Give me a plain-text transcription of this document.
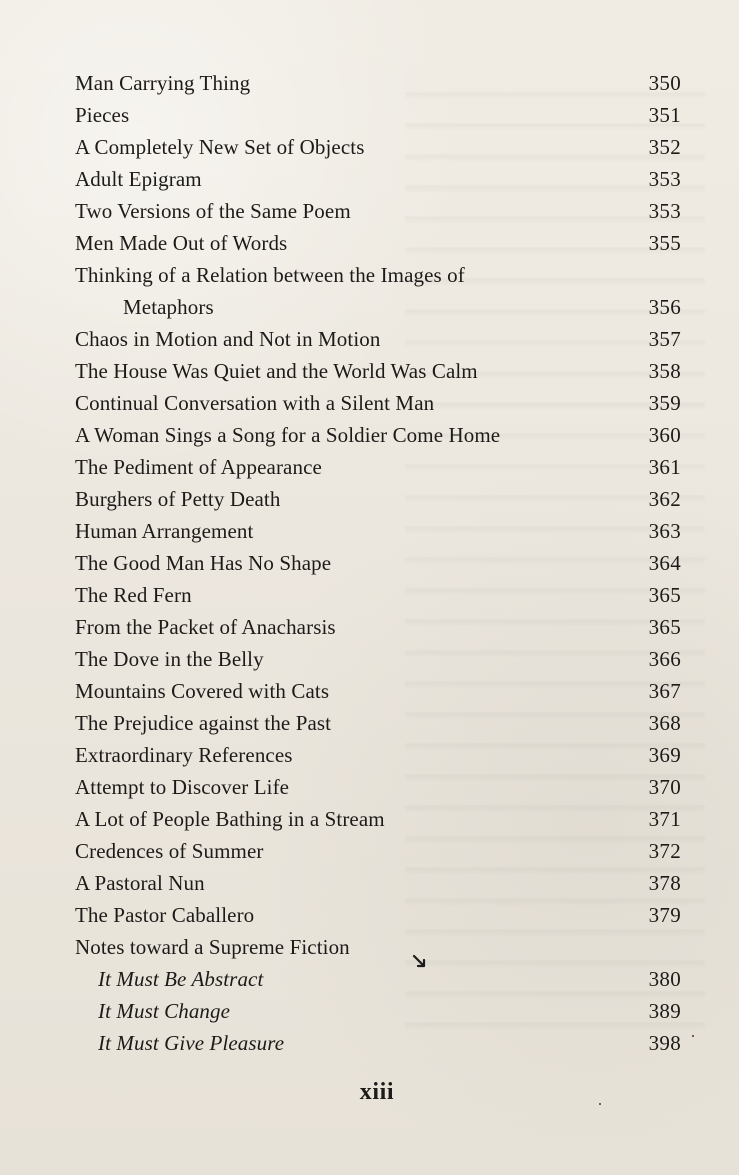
Man Carrying Thing	350
Pieces	351
A Completely New Set of Objects	352
Adult Epigram	353
Two Versions of the Same Poem	353
Men Made Out of Words	355
Thinking of a Relation between the Images of
Metaphors	356
Chaos in Motion and Not in Motion	357
The House Was Quiet and the World Was Calm	358
Continual Conversation with a Silent Man	359
A Woman Sings a Song for a Soldier Come Home	360
The Pediment of Appearance	361
Burghers of Petty Death	362
Human Arrangement	363
The Good Man Has No Shape	364
The Red Fern	365
From the Packet of Anacharsis	365
The Dove in the Belly	366
Mountains Covered with Cats	367
The Prejudice against the Past	368
Extraordinary References	369
Attempt to Discover Life	370
A Lot of People Bathing in a Stream	371
Credences of Summer	372
A Pastoral Nun	378
The Pastor Caballero	379
Notes toward a Supreme Fiction
It Must Be Abstract	380
It Must Change	389
It Must Give Pleasure	398
xiii
